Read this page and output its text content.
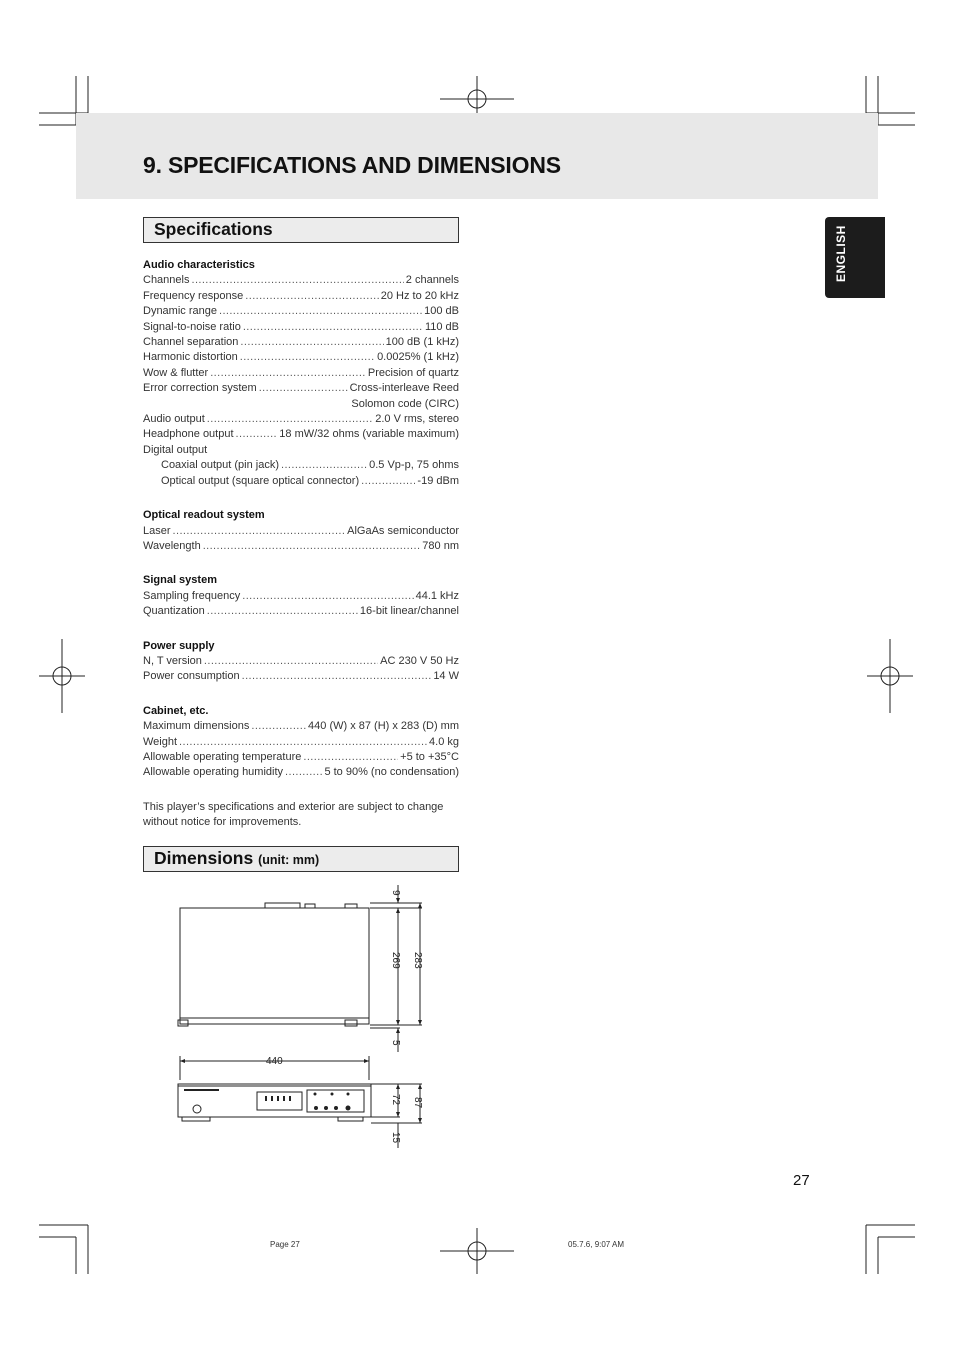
9. SPECIFICATIONS AND DIMENSIONS
ENGLISH
Specifications
Audio characteristics
Channels .....	2 channels
Frequency response .....	20 Hz to 20 kHz
Dynamic range .....	100 dB
Signal-to-noise ratio .....	110 dB
Channel separation .....	100 dB (1 kHz)
Harmonic distortion .....	0.0025% (1 kHz)
Wow & flutter .....	Precision of quartz
Error correction system .....	Cross-interleave Reed
Solomon code (CIRC)
Audio output .....	2.0 V rms, stereo
Headphone output .....	18 mW/32 ohms (variable maximum)
Digital output
Coaxial output (pin jack) .....	0.5 Vp-p, 75 ohms
Optical output (square optical connector) .....	-19 dBm
Optical readout system
Laser .....	AlGaAs semiconductor
Wavelength .....	780 nm
Signal system
Sampling frequency .....	44.1 kHz
Quantization .....	16-bit linear/channel
Power supply
N, T version .....	AC 230 V 50 Hz
Power consumption .....	14 W
Cabinet, etc.
Maximum dimensions .....	440 (W) x 87 (H) x 283 (D) mm
Weight .....	4.0 kg
Allowable operating temperature .....	+5 to +35°C
Allowable operating humidity .....	5 to 90% (no condensation)
This player’s specifications and exterior are subject to change
without notice for improvements.
Dimensions (unit: mm)
9
269 283
5
440
72 87
15
27
Page 27	05.7.6, 9:07 AM
